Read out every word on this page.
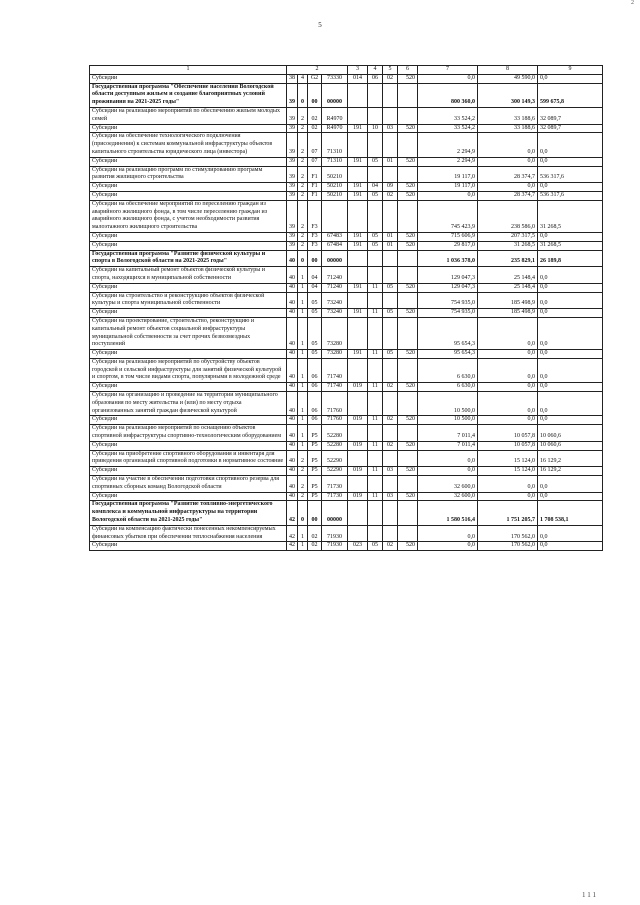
5
2
1 1 1
1	2				3	4	5	6	7	8	9
Субсидии	38	4	G2	73330	014	06	02	520	0,0	49 590,0	0,0
Государственная программа "Обеспечение населения Вологодской области доступным жильем и создание благоприятных условий проживания на 2021-2025 годы"	39	0	00	00000					800 360,0	300 149,3	599 675,8
Субсидии на реализацию мероприятий по обеспечению жильем молодых семей	39	2	02	R4970					33 524,2	33 188,6	32 089,7
Субсидии	39	2	02	R4970	191	10	03	520	33 524,2	33 188,6	32 089,7
Субсидии на обеспечение технологического подключения (присоединения) к системам коммунальной инфраструктуры объектов капитального строительства юридического лица (инвестора)	39	2	07	71310					2 294,9	0,0	0,0
Субсидии	39	2	07	71310	191	05	01	520	2 294,9	0,0	0,0
Субсидии на реализацию программ по стимулированию программ развития жилищного строительства	39	2	F1	50210					19 117,0	28 374,7	536 317,6
Субсидии	39	2	F1	50210	191	04	09	520	19 117,0	0,0	0,0
Субсидии	39	2	F1	50210	191	05	02	520	0,0	28 374,7	536 317,6
Субсидии на обеспечение мероприятий по переселению граждан из аварийного жилищного фонда, в том числе переселению граждан из аварийного жилищного фонда, с учетом необходимости развития малоэтажного жилищного строительства	39	2	F3						745 423,9	238 586,0	31 268,5
Субсидии	39	2	F3	67483	191	05	01	520	715 606,9	207 317,5	0,0
Субсидии	39	2	F3	67484	191	05	01	520	29 817,0	31 268,5	31 268,5
Государственная программа "Развитие физической культуры и спорта в Вологодской области на 2021-2025 годы"	40	0	00	00000					1 036 378,0	235 829,1	26 189,8
Субсидии на капитальный ремонт объектов физической культуры и спорта, находящихся в муниципальной собственности	40	1	04	71240					129 047,3	25 148,4	0,0
Субсидии	40	1	04	71240	191	11	05	520	129 047,3	25 148,4	0,0
Субсидии на строительство и реконструкцию объектов физической культуры и спорта муниципальной собственности	40	1	05	73240					754 935,0	185 498,9	0,0
Субсидии	40	1	05	73240	191	11	05	520	754 935,0	185 498,9	0,0
Субсидии на проектирование, строительство, реконструкцию и капитальный ремонт объектов социальной инфраструктуры муниципальной собственности за счет прочих безвозмездных поступлений	40	1	05	73280					95 654,3	0,0	0,0
Субсидии	40	1	05	73280	191	11	05	520	95 654,3	0,0	0,0
Субсидии на реализацию мероприятий по обустройству объектов городской и сельской инфраструктуры для занятий физической культурой и спортом, в том числе видами спорта, популярными в молодежной среде	40	1	06	71740					6 630,0	0,0	0,0
Субсидии	40	1	06	71740	019	11	02	520	6 630,0	0,0	0,0
Субсидии на организацию и проведение на территории муниципального образования по месту жительства и (или) по месту отдыха организованных занятий граждан физической культурой	40	1	06	71760					10 500,0	0,0	0,0
Субсидии	40	1	06	71760	019	11	02	520	10 500,0	0,0	0,0
Субсидии на реализацию мероприятий по оснащению объектов спортивной инфраструктуры спортивно-технологическим оборудованием	40	1	P5	52280					7 011,4	10 057,8	10 060,6
Субсидии	40	1	P5	52280	019	11	02	520	7 011,4	10 057,8	10 060,6
Субсидии на приобретение спортивного оборудования и инвентаря для приведения организаций спортивной подготовки в нормативное состояние	40	2	P5	52290					0,0	15 124,0	16 129,2
Субсидии	40	2	P5	52290	019	11	03	520	0,0	15 124,0	16 129,2
Субсидии на участие в обеспечении подготовки спортивного резерва для спортивных сборных команд Вологодской области	40	2	P5	71730					32 600,0	0,0	0,0
Субсидии	40	2	P5	71730	019	11	03	520	32 600,0	0,0	0,0
Государственная программа "Развитие топливно-энергетического комплекса и коммунальной инфраструктуры на территории Вологодской области на 2021-2025 годы"	42	0	00	00000					1 580 516,4	1 751 205,7	1 708 538,1
Субсидии на компенсацию фактически понесенных некомпенсируемых финансовых убытков при обеспечении теплоснабжения населения	42	1	02	71930					0,0	170 562,0	0,0
Субсидии	42	1	02	71930	023	05	02	520	0,0	170 562,0	0,0
